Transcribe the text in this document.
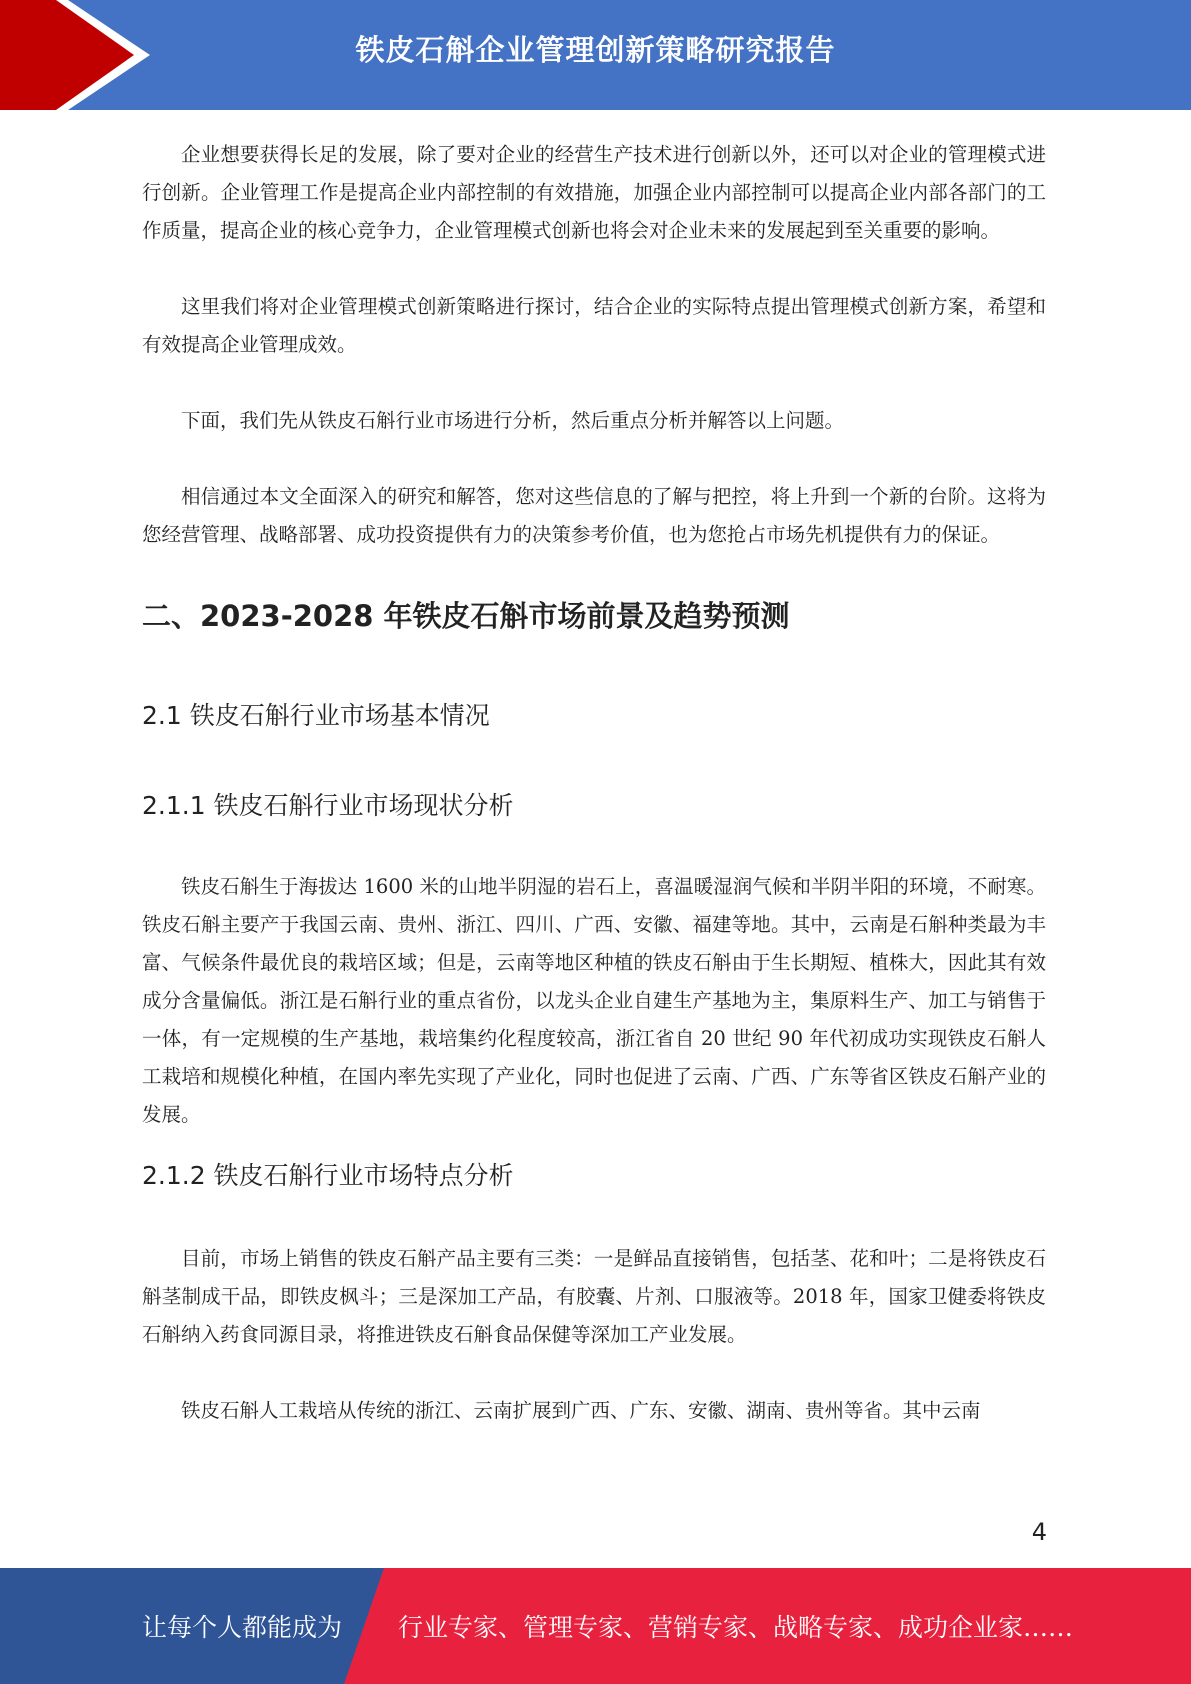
铁皮石斛企业管理创新策略研究报告

企业想要获得长足的发展，除了要对企业的经营生产技术进行创新以外，还可以对企业的管理模式进行创新。企业管理工作是提高企业内部控制的有效措施，加强企业内部控制可以提高企业内部各部门的工作质量，提高企业的核心竞争力，企业管理模式创新也将会对企业未来的发展起到至关重要的影响。

这里我们将对企业管理模式创新策略进行探讨，结合企业的实际特点提出管理模式创新方案，希望和有效提高企业管理成效。

下面，我们先从铁皮石斛行业市场进行分析，然后重点分析并解答以上问题。

相信通过本文全面深入的研究和解答，您对这些信息的了解与把控，将上升到一个新的台阶。这将为您经营管理、战略部署、成功投资提供有力的决策参考价值，也为您抢占市场先机提供有力的保证。

二、2023-2028 年铁皮石斛市场前景及趋势预测
2.1 铁皮石斛行业市场基本情况
2.1.1 铁皮石斛行业市场现状分析

铁皮石斛生于海拔达 1600 米的山地半阴湿的岩石上，喜温暖湿润气候和半阴半阳的环境，不耐寒。铁皮石斛主要产于我国云南、贵州、浙江、四川、广西、安徽、福建等地。其中，云南是石斛种类最为丰富、气候条件最优良的栽培区域；但是，云南等地区种植的铁皮石斛由于生长期短、植株大，因此其有效成分含量偏低。浙江是石斛行业的重点省份，以龙头企业自建生产基地为主，集原料生产、加工与销售于一体，有一定规模的生产基地，栽培集约化程度较高，浙江省自 20 世纪 90 年代初成功实现铁皮石斛人工栽培和规模化种植，在国内率先实现了产业化，同时也促进了云南、广西、广东等省区铁皮石斛产业的发展。

2.1.2 铁皮石斛行业市场特点分析

目前，市场上销售的铁皮石斛产品主要有三类：一是鲜品直接销售，包括茎、花和叶；二是将铁皮石斛茎制成干品，即铁皮枫斗；三是深加工产品，有胶囊、片剂、口服液等。2018 年，国家卫健委将铁皮石斛纳入药食同源目录，将推进铁皮石斛食品保健等深加工产业发展。

铁皮石斛人工栽培从传统的浙江、云南扩展到广西、广东、安徽、湖南、贵州等省。其中云南

4
让每个人都能成为 行业专家、管理专家、营销专家、战略专家、成功企业家……
